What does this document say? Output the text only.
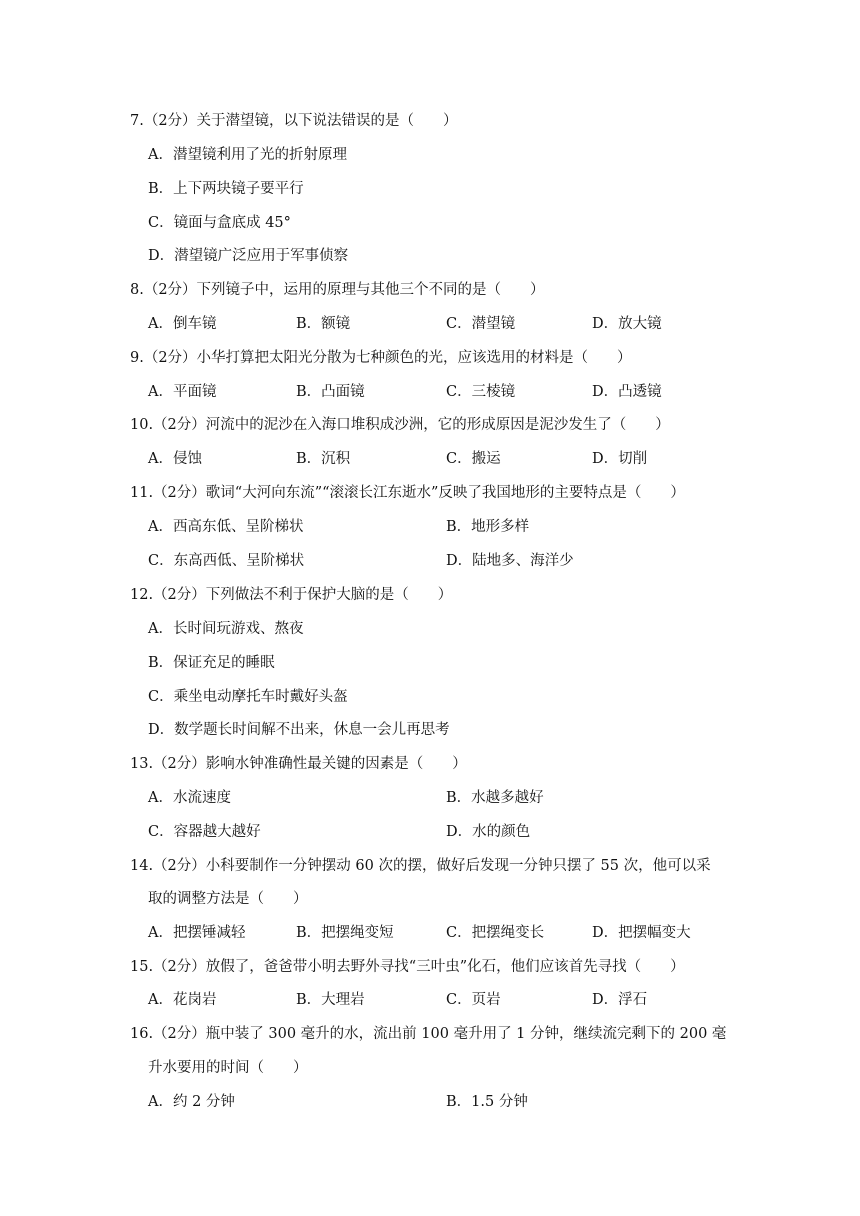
7.（2分）关于潜望镜，以下说法错误的是（　　）
A．潜望镜利用了光的折射原理
B．上下两块镜子要平行
C．镜面与盒底成 45°
D．潜望镜广泛应用于军事侦察
8.（2分）下列镜子中，运用的原理与其他三个不同的是（　　）
A．倒车镜	B．额镜	C．潜望镜	D．放大镜
9.（2分）小华打算把太阳光分散为七种颜色的光，应该选用的材料是（　　）
A．平面镜	B．凸面镜	C．三棱镜	D．凸透镜
10.（2分）河流中的泥沙在入海口堆积成沙洲，它的形成原因是泥沙发生了（　　）
A．侵蚀	B．沉积	C．搬运	D．切削
11.（2分）歌词“大河向东流”“滚滚长江东逝水”反映了我国地形的主要特点是（　　）
A．西高东低、呈阶梯状	B．地形多样
C．东高西低、呈阶梯状	D．陆地多、海洋少
12.（2分）下列做法不利于保护大脑的是（　　）
A．长时间玩游戏、熬夜
B．保证充足的睡眠
C．乘坐电动摩托车时戴好头盔
D．数学题长时间解不出来，休息一会儿再思考
13.（2分）影响水钟准确性最关键的因素是（　　）
A．水流速度	B．水越多越好
C．容器越大越好	D．水的颜色
14.（2分）小科要制作一分钟摆动 60 次的摆，做好后发现一分钟只摆了 55 次，他可以采
取的调整方法是（　　）
A．把摆锤减轻	B．把摆绳变短	C．把摆绳变长	D．把摆幅变大
15.（2分）放假了，爸爸带小明去野外寻找“三叶虫”化石，他们应该首先寻找（　　）
A．花岗岩	B．大理岩	C．页岩	D．浮石
16.（2分）瓶中装了 300 毫升的水，流出前 100 毫升用了 1 分钟，继续流完剩下的 200 毫
升水要用的时间（　　）
A．约 2 分钟	B．1.5 分钟
